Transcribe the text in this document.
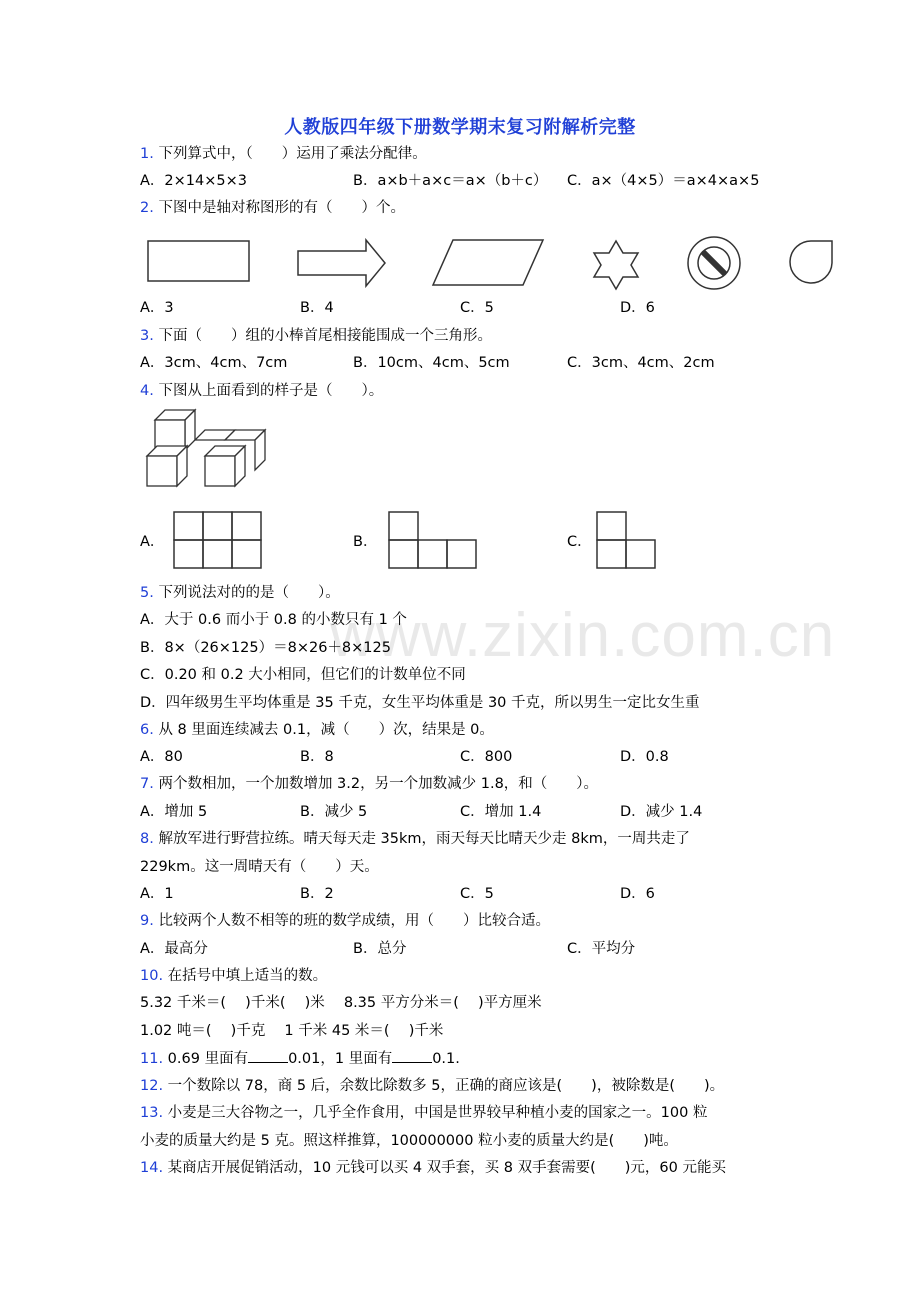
人教版四年级下册数学期末复习附解析完整
www.zixin.com.cn
1. 下列算式中，（　　）运用了乘法分配律。
A．2×14×5×3	B．a×b＋a×c＝a×（b＋c） C．a×（4×5）＝a×4×a×5
2. 下图中是轴对称图形的有（　　）个。
A．3	B．4	C．5	D．6
3. 下面（　　）组的小棒首尾相接能围成一个三角形。
A．3cm、4cm、7cm	B．10cm、4cm、5cm	C．3cm、4cm、2cm
4. 下图从上面看到的样子是（　　）。
A．	B．	C．
5. 下列说法对的的是（　　）。
A．大于 0.6 而小于 0.8 的小数只有 1 个
B．8×（26×125）＝8×26＋8×125
C．0.20 和 0.2 大小相同，但它们的计数单位不同
D．四年级男生平均体重是 35 千克，女生平均体重是 30 千克，所以男生一定比女生重
6. 从 8 里面连续减去 0.1，减（　　）次，结果是 0。
A．80	B．8	C．800	D．0.8
7. 两个数相加，一个加数增加 3.2，另一个加数减少 1.8，和（　　）。
A．增加 5	B．减少 5	C．增加 1.4	D．减少 1.4
8. 解放军进行野营拉练。晴天每天走 35km，雨天每天比晴天少走 8km，一周共走了
229km。这一周晴天有（　　）天。
A．1	B．2	C．5	D．6
9. 比较两个人数不相等的班的数学成绩，用（　　）比较合适。
A．最高分	B．总分	C．平均分
10. 在括号中填上适当的数。
5.32 千米＝(　 )千米(　 )米　 8.35 平方分米＝(　 )平方厘米
1.02 吨＝(　 )千克　 1 千米 45 米＝(　 )千米
11. 0.69 里面有	0.01，1 里面有	0.1.
12. 一个数除以 78，商 5 后，余数比除数多 5，正确的商应该是(　　)，被除数是(　　)。
13. 小麦是三大谷物之一，几乎全作食用，中国是世界较早种植小麦的国家之一。100 粒
小麦的质量大约是 5 克。照这样推算，100000000 粒小麦的质量大约是(　　)吨。
14. 某商店开展促销活动，10 元钱可以买 4 双手套，买 8 双手套需要(　　)元，60 元能买
